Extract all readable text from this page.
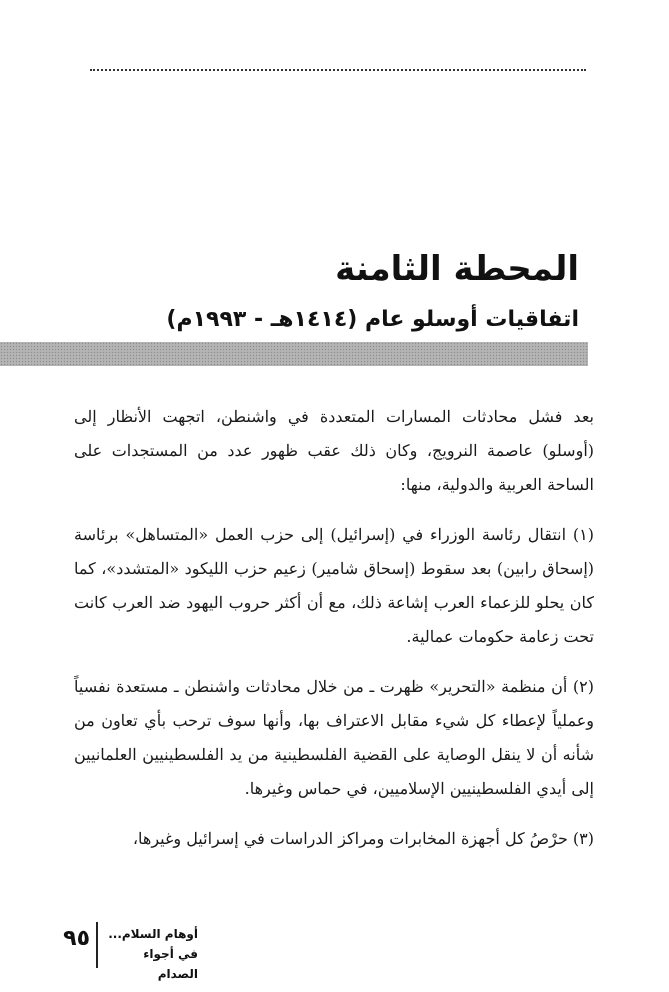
المحطة الثامنة
اتفاقيات أوسلو عام (١٤١٤هـ - ١٩٩٣م)

بعد فشل محادثات المسارات المتعددة في واشنطن، اتجهت الأنظار إلى (أوسلو) عاصمة النرويج، وكان ذلك عقب ظهور عدد من المستجدات على الساحة العربية والدولية، منها:

(١) انتقال رئاسة الوزراء في (إسرائيل) إلى حزب العمل «المتساهل» برئاسة (إسحاق رابين) بعد سقوط (إسحاق شامير) زعيم حزب الليكود «المتشدد»، كما كان يحلو للزعماء العرب إشاعة ذلك، مع أن أكثر حروب اليهود ضد العرب كانت تحت زعامة حكومات عمالية.

(٢) أن منظمة «التحرير» ظهرت ـ من خلال محادثات واشنطن ـ مستعدة نفسياً وعملياً لإعطاء كل شيء مقابل الاعتراف بها، وأنها سوف ترحب بأي تعاون من شأنه أن لا ينقل الوصاية على القضية الفلسطينية من يد الفلسطينيين العلمانيين إلى أيدي الفلسطينيين الإسلاميين، في حماس وغيرها.

(٣) حرْصُ كل أجهزة المخابرات ومراكز الدراسات في إسرائيل وغيرها،

٩٥	أوهام السلام...
في أجواء الصدام
